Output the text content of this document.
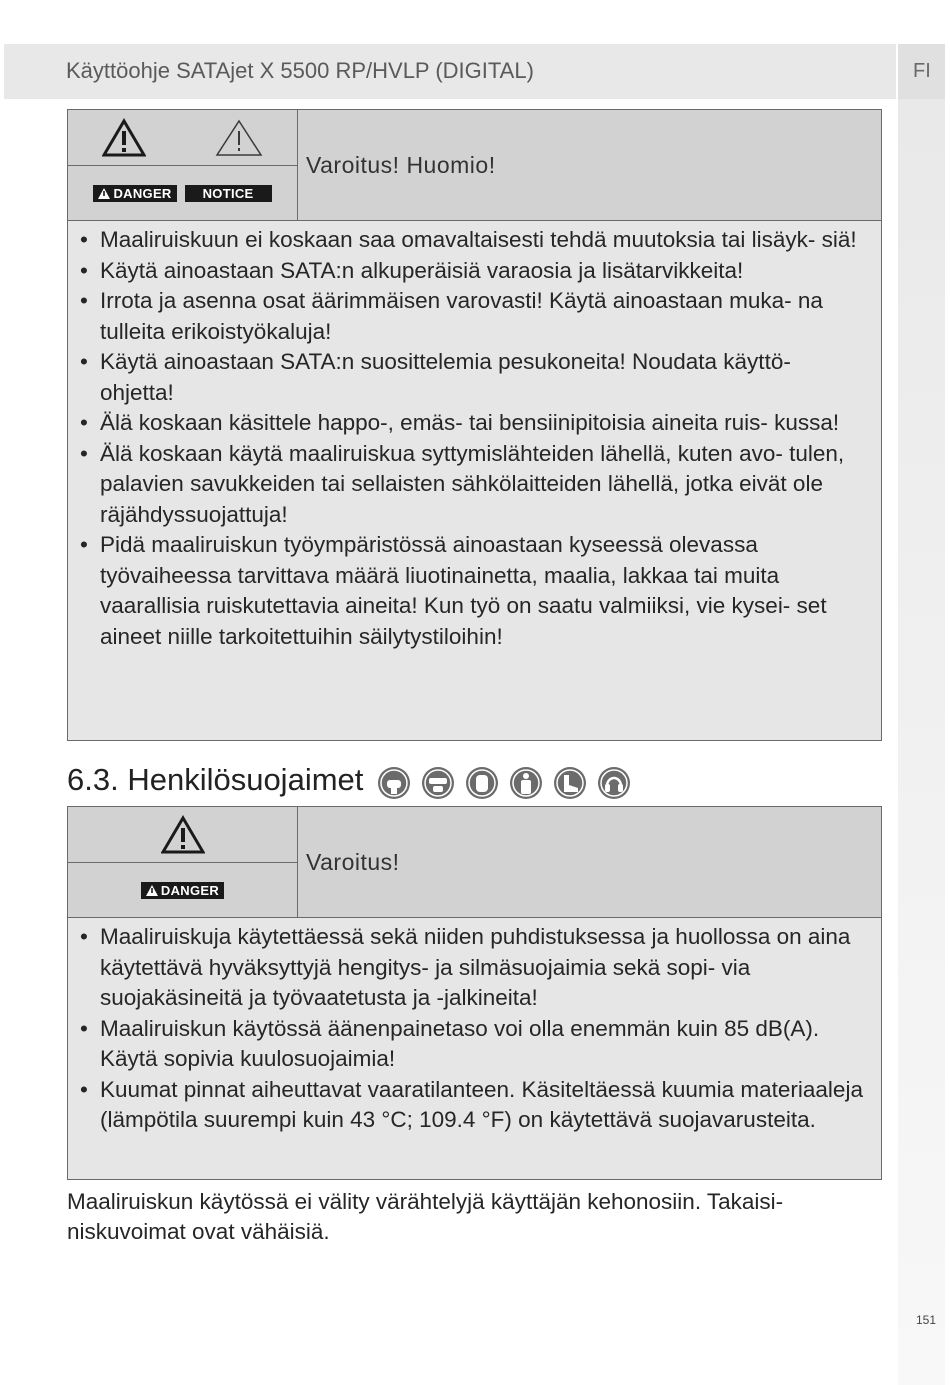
Käyttöohje SATAjet X 5500 RP/HVLP (DIGITAL)	FI
DANGER	NOTICE
Varoitus! Huomio!
• Maaliruiskuun ei koskaan saa omavaltaisesti tehdä muutoksia tai lisäyk- siä!
• Käytä ainoastaan SATA:n alkuperäisiä varaosia ja lisätarvikkeita!
• Irrota ja asenna osat äärimmäisen varovasti! Käytä ainoastaan muka- na tulleita erikoistyökaluja!
• Käytä ainoastaan SATA:n suosittelemia pesukoneita! Noudata käyttö- ohjetta!
• Älä koskaan käsittele happo-, emäs- tai bensiinipitoisia aineita ruis- kussa!
• Älä koskaan käytä maaliruiskua syttymislähteiden lähellä, kuten avo- tulen, palavien savukkeiden tai sellaisten sähkölaitteiden lähellä, jotka eivät ole räjähdyssuojattuja!
• Pidä maaliruiskun työympäristössä ainoastaan kyseessä olevassa työvaiheessa tarvittava määrä liuotinainetta, maalia, lakkaa tai muita vaarallisia ruiskutettavia aineita! Kun työ on saatu valmiiksi, vie kysei- set aineet niille tarkoitettuihin säilytystiloihin!
6.3. Henkilösuojaimet
DANGER
Varoitus!
• Maaliruiskuja käytettäessä sekä niiden puhdistuksessa ja huollossa on aina käytettävä hyväksyttyjä hengitys- ja silmäsuojaimia sekä sopi- via suojakäsineitä ja työvaatetusta ja -jalkineita!
• Maaliruiskun käytössä äänenpainetaso voi olla enemmän kuin 85 dB(A). Käytä sopivia kuulosuojaimia!
• Kuumat pinnat aiheuttavat vaaratilanteen. Käsiteltäessä kuumia materiaaleja (lämpötila suurempi kuin 43 °C; 109.4 °F) on käytettävä suojavarusteita.
Maaliruiskun käytössä ei välity värähtelyjä käyttäjän kehonosiin. Takaisi- niskuvoimat ovat vähäisiä.
151
